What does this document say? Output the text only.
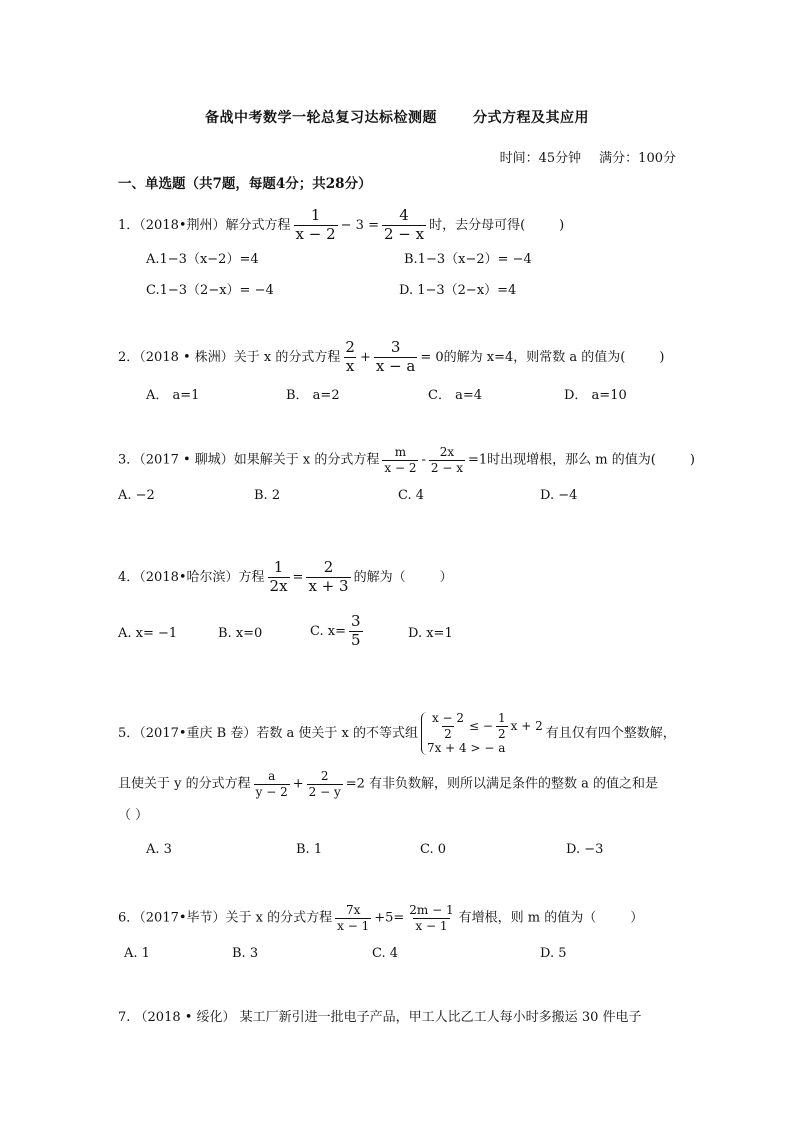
备战中考数学一轮总复习达标检测题	分式方程及其应用
时间：45分钟 满分：100分
一、单选题（共7题，每题4分；共28分）
1．（2018•荆州）解分式方程 $\frac{1}{x - 2} - 3 = \frac{4}{2 - x}$ 时，去分母可得(	)
A.1−3（x−2）=4	B.1−3（x−2）= −4
C.1−3（2−x）= −4	D. 1−3（2−x）=4
2．（2018 • 株洲）关于 x 的分式方程 $\frac{2}{x} + \frac{3}{x - a} = 0$的解为 x=4，则常数 a 的值为(	)
A． a=1	B． a=2	C． a=4	D． a=10
3．（2017 • 聊城）如果解关于 x 的分式方程 $\frac{m}{x - 2} - \frac{2x}{2 - x} =1$时出现增根，那么 m 的值为(	)
A. −2	B. 2	C. 4	D. −4
4．（2018•哈尔滨）方程 $\frac{1}{2x} = \frac{2}{x + 3}$ 的解为（	）
A. x= −1	B. x=0	C. $x= \frac{3}{5}$	D. x=1
5．（2017•重庆 B 卷）若数 a 使关于 x 的不等式组 $\frac{x - 2}{2}$ ≤ − $\frac{1}{2}$ x + 2
7x + 4 > − a
有且仅有四个整数解，
且使关于 y 的分式方程 $\frac{a}{y - 2} + \frac{2}{2 - y} =2$ 有非负数解，则所以满足条件的整数 a 的值之和是
（ ）
A. 3	B. 1	C. 0	D. −3
6．（2017•毕节）关于 x 的分式方程 $\frac{7x}{x - 1} +5= \frac{2m - 1}{x - 1}$ 有增根，则 m 的值为（	）
A. 1	B. 3	C. 4	D. 5
7. （2018 • 绥化） 某工厂新引进一批电子产品，甲工人比乙工人每小时多搬运 30 件电子
